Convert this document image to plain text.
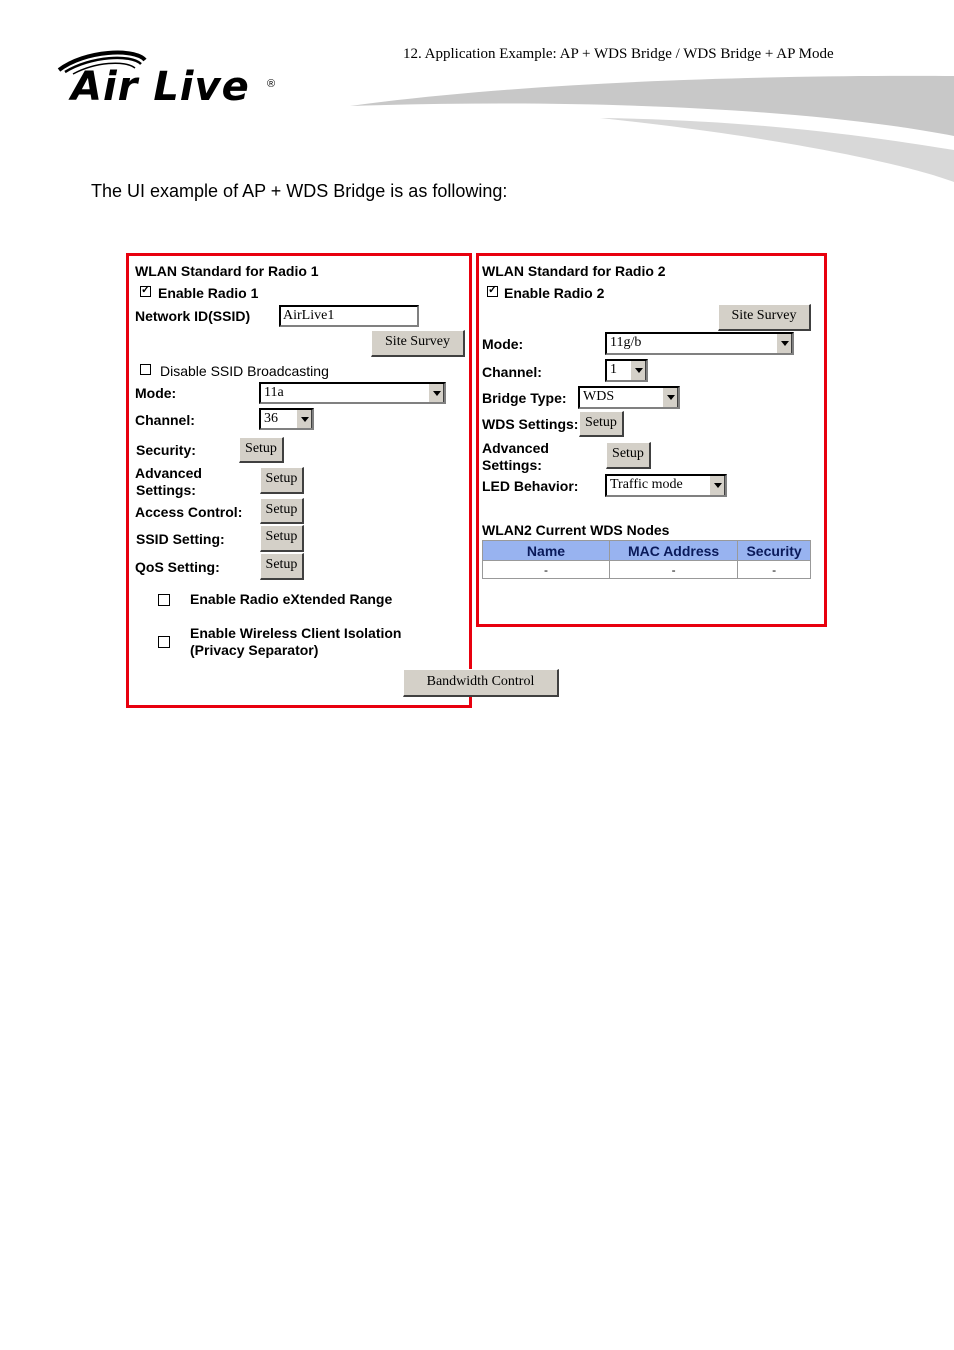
12. Application Example: AP + WDS Bridge / WDS Bridge + AP Mode
Air Live ®
The UI example of AP + WDS Bridge is as following:
WLAN Standard for Radio 1
✓
Enable Radio 1
Network ID(SSID) AirLive1
Site Survey
Disable SSID Broadcasting
Mode:	11a
Channel:	36
Security:	Setup
Advanced
Settings:
Setup
Access Control:	Setup
SSID Setting:	Setup
QoS Setting:	Setup
Enable Radio eXtended Range
Enable Wireless Client Isolation
(Privacy Separator)
Bandwidth Control
WLAN Standard for Radio 2
✓
Enable Radio 2
Site Survey
Mode:	11g/b
Channel:	1
Bridge Type: WDS
WDS Settings: Setup
Advanced
Settings:
Setup
LED Behavior: Traffic mode
WLAN2 Current WDS Nodes
Name	MAC Address	Security
-	-	-
